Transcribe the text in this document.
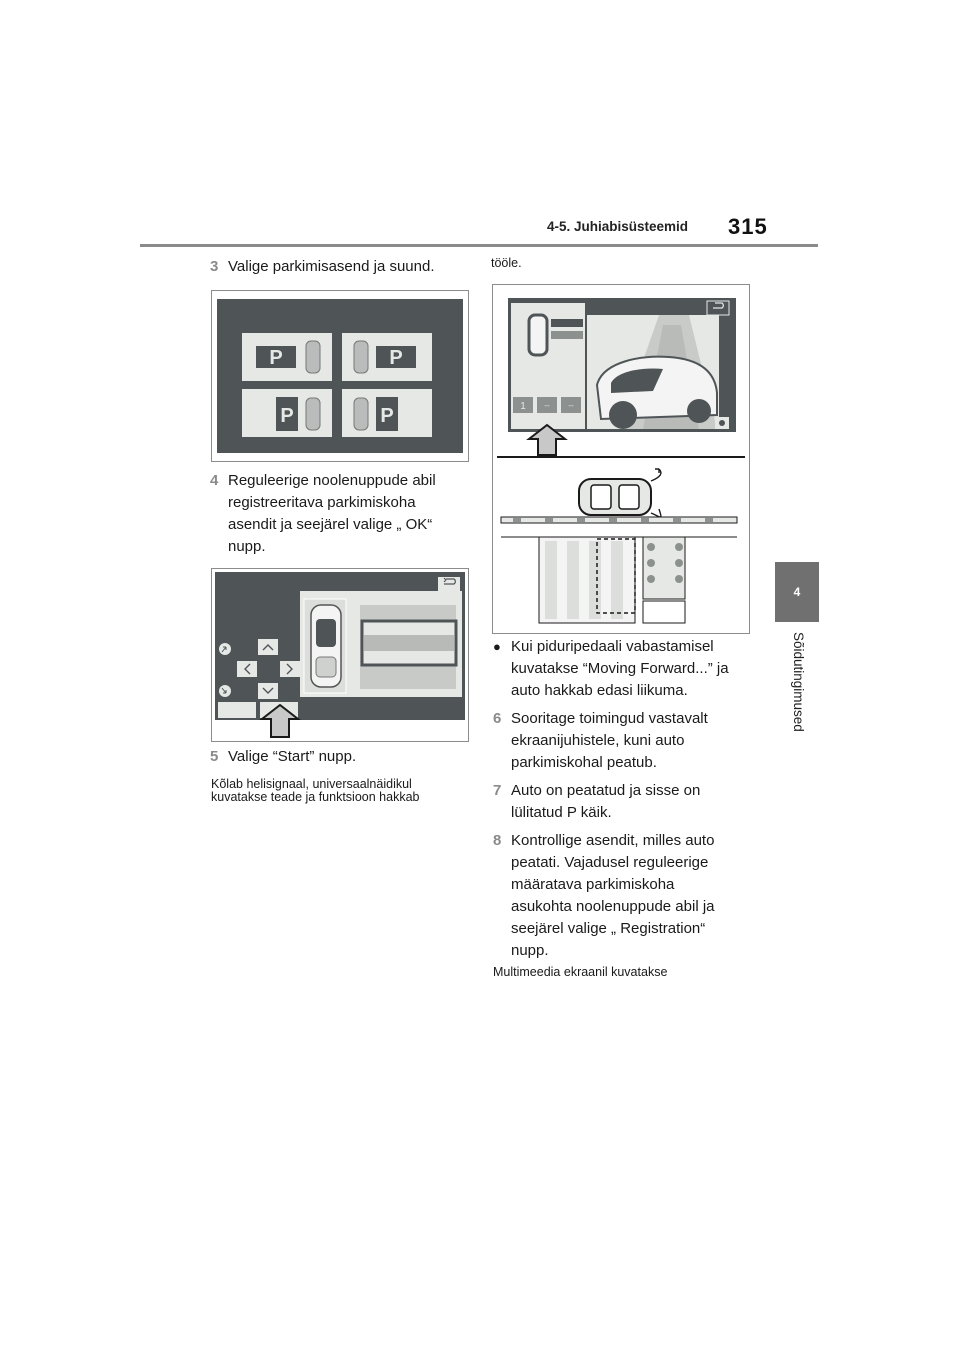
4-5. Juhiabisüsteemid 315
4
Sõidutingimused
3 Valige parkimisasend ja suund.
P	P
P	P
4 Reguleerige noolenuppude abil
registreeritava parkimiskoha
asendit ja seejärel valige „ OK“
nupp.
5 Valige “Start” nupp.
Kõlab helisignaal, universaalnäidikul
kuvatakse teade ja funktsioon hakkab
tööle.
1 -- --
● Kui piduripedaali vabastamisel
kuvatakse “Moving Forward...” ja
auto hakkab edasi liikuma.
6 Sooritage toimingud vastavalt
ekraanijuhistele, kuni auto
parkimiskohal peatub.
7 Auto on peatatud ja sisse on
lülitatud P käik.
8 Kontrollige asendit, milles auto
peatati. Vajadusel reguleerige
määratava parkimiskoha
asukohta noolenuppude abil ja
seejärel valige „ Registration“
nupp.
Multimeedia ekraanil kuvatakse
